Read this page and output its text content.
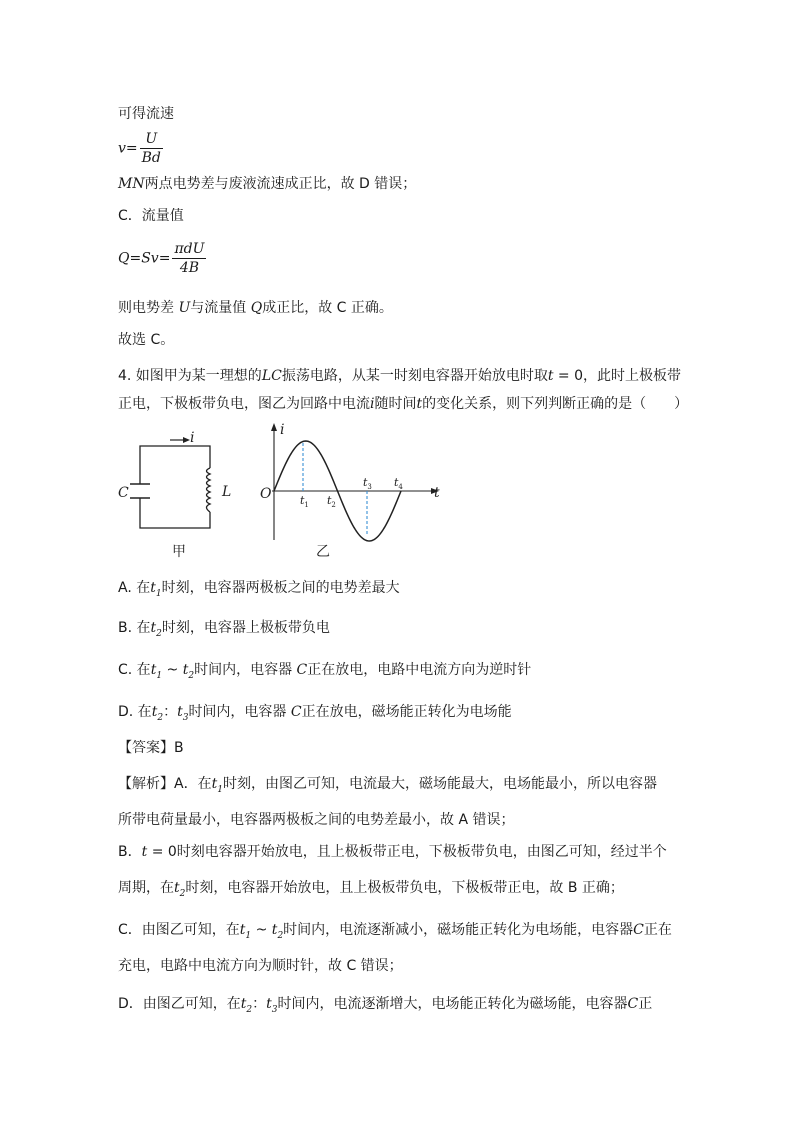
可得流速
$v= \frac{U}{Bd}$
MN两点电势差与废液流速成正比，故 D 错误；
C．流量值
$Q=Sv= \frac{\text{πdU}}{4B}$
则电势差 U与流量值 Q成正比，故 C 正确。
故选 C。
4. 如图甲为某一理想的LC振荡电路，从某一时刻电容器开始放电时取t = 0，此时上极板带
正电，下极板带负电，图乙为回路中电流i随时间t的变化关系，则下列判断正确的是（　　）
i
C	L
甲
O
i
t
$t_1$ $t_2$
$t_3$ $t_4$
乙
A. 在$t_1$时刻，电容器两极板之间的电势差最大
B. 在$t_2$时刻，电容器上极板带负电
C. 在$t_1$ ~ $t_2$时间内，电容器 C正在放电，电路中电流方向为逆时针
D. 在$t_2$：$t_3$时间内，电容器 C正在放电，磁场能正转化为电场能
【答案】B
【解析】A．在$t_1$时刻，由图乙可知，电流最大，磁场能最大，电场能最小，所以电容器
所带电荷量最小，电容器两极板之间的电势差最小，故 A 错误；
B．t = 0时刻电容器开始放电，且上极板带正电，下极板带负电，由图乙可知，经过半个
周期，在$t_2$时刻，电容器开始放电，且上极板带负电，下极板带正电，故 B 正确；
C．由图乙可知，在$t_1$ ~ $t_2$时间内，电流逐渐减小，磁场能正转化为电场能，电容器C正在
充电，电路中电流方向为顺时针，故 C 错误；
D．由图乙可知，在$t_2$：$t_3$时间内，电流逐渐增大，电场能正转化为磁场能，电容器C正
